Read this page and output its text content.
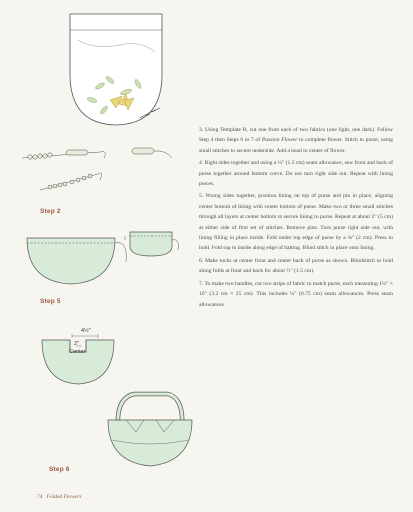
Step 2
Step 5
Step 6
4½"
2"
Center

3. Using Template B, cut one from each of two fabrics (one light, one dark). Follow Step 4 then Steps 6 to 7 of Passion Flower to complete flower. Stitch to purse, using small stitches to secure underside. Add a bead to center of flower.

4. Right sides together and using a ¼" (1.5 cm) seam allowance, sew front and back of purse together around bottom curve. Do not turn right side out. Repeat with lining pieces.

5. Wrong sides together, position lining on top of purse and pin in place, aligning center bottom of lining with center bottom of purse. Make two or three small stitches through all layers at center bottom to secure lining to purse. Repeat at about 2" (5 cm) at either side of first set of stitches. Remove pins. Turn purse right side out, with lining filling in place inside. Fold under top edge of purse by a ¾" (2 cm). Press to hold. Fold top to inside along edge of batting. Blind stitch in place onto lining.

6. Make tucks at center front and center back of purse as shown. Blindstitch to hold along folds at front and back for about ½" (1.5 cm).

7. To make two handles, cut two strips of fabric to match purse, each measuring 1¼" × 10" (3.2 cm × 25 cm). This includes ¼" (0.75 cm) seam allowances. Press seam allowances

74 Folded Flowers
